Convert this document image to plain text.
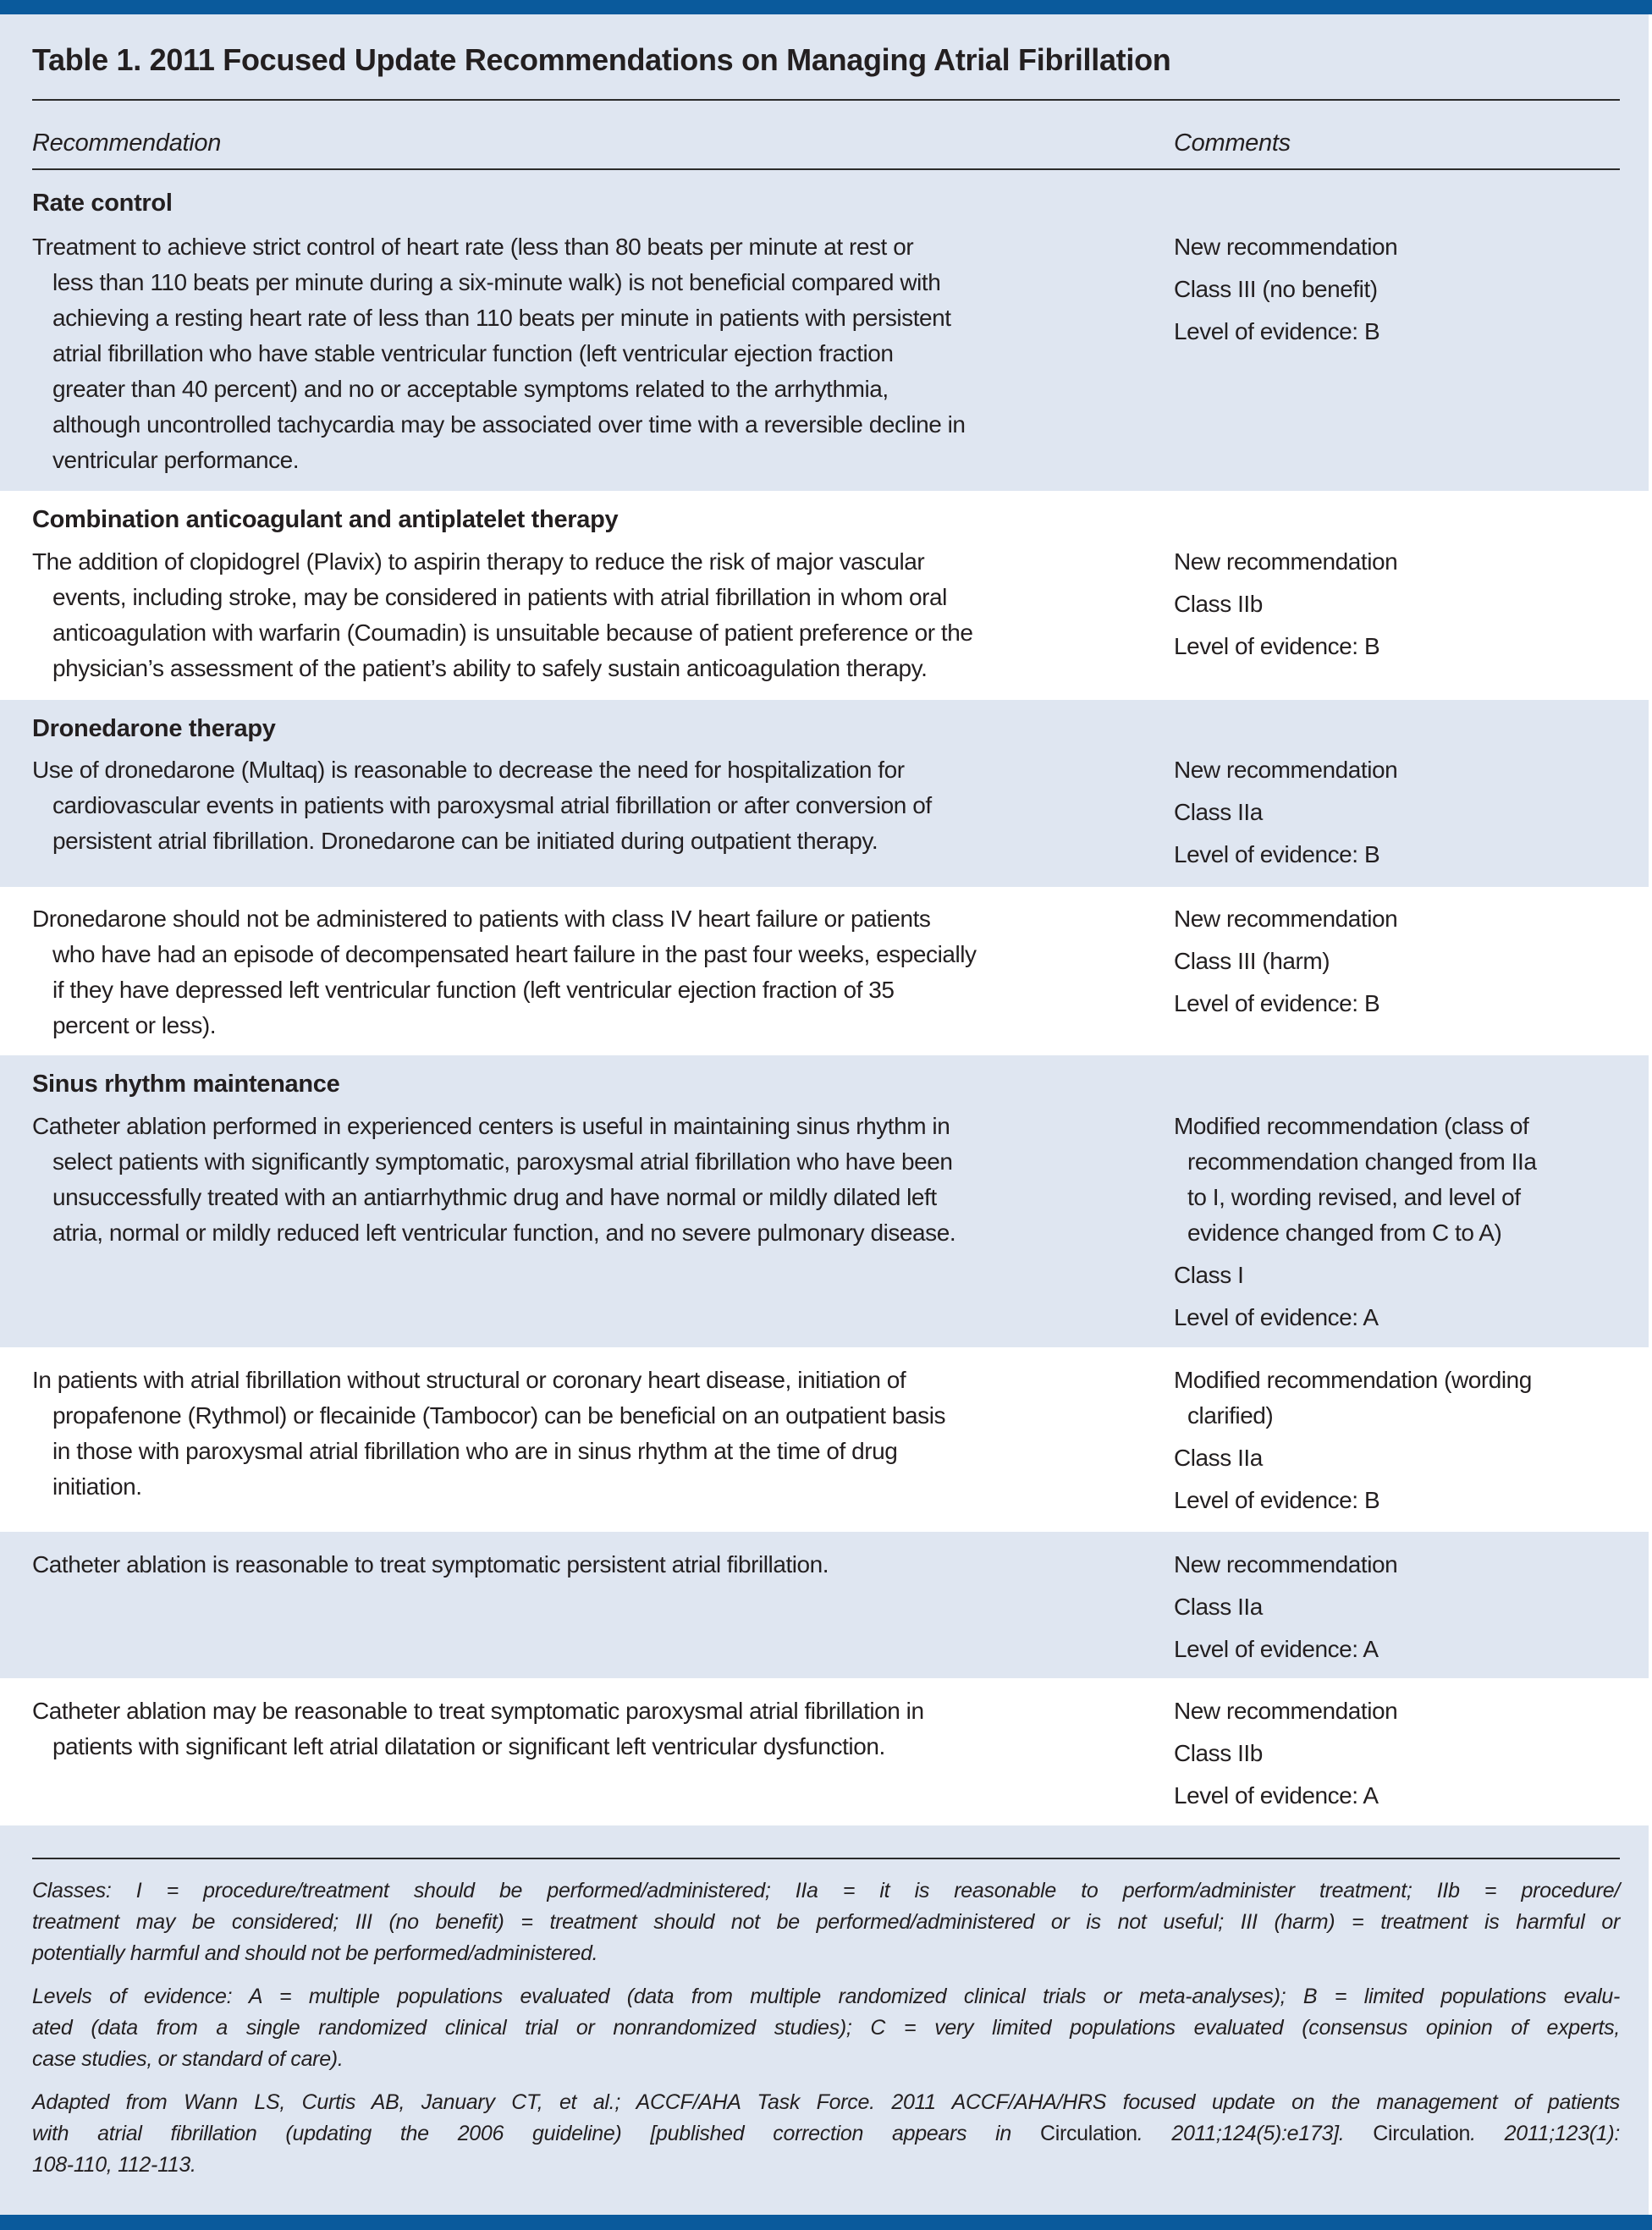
Table 1. 2011 Focused Update Recommendations on Managing Atrial Fibrillation
Recommendation	Comments
Rate control
Combination anticoagulant and antiplatelet therapy
Dronedarone therapy
Sinus rhythm maintenance
Treatment to achieve strict control of heart rate (less than 80 beats per minute at rest or
less than 110 beats per minute during a six-minute walk) is not beneficial compared with
achieving a resting heart rate of less than 110 beats per minute in patients with persistent
atrial fibrillation who have stable ventricular function (left ventricular ejection fraction
greater than 40 percent) and no or acceptable symptoms related to the arrhythmia,
although uncontrolled tachycardia may be associated over time with a reversible decline in
ventricular performance.
New recommendation
Class III (no benefit)
Level of evidence: B
The addition of clopidogrel (Plavix) to aspirin therapy to reduce the risk of major vascular
events, including stroke, may be considered in patients with atrial fibrillation in whom oral
anticoagulation with warfarin (Coumadin) is unsuitable because of patient preference or the
physician’s assessment of the patient’s ability to safely sustain anticoagulation therapy.
New recommendation
Class IIb
Level of evidence: B
Use of dronedarone (Multaq) is reasonable to decrease the need for hospitalization for
cardiovascular events in patients with paroxysmal atrial fibrillation or after conversion of
persistent atrial fibrillation. Dronedarone can be initiated during outpatient therapy.
New recommendation
Class IIa
Level of evidence: B
Dronedarone should not be administered to patients with class IV heart failure or patients
who have had an episode of decompensated heart failure in the past four weeks, especially
if they have depressed left ventricular function (left ventricular ejection fraction of 35
percent or less).
New recommendation
Class III (harm)
Level of evidence: B
Catheter ablation performed in experienced centers is useful in maintaining sinus rhythm in
select patients with significantly symptomatic, paroxysmal atrial fibrillation who have been
unsuccessfully treated with an antiarrhythmic drug and have normal or mildly dilated left
atria, normal or mildly reduced left ventricular function, and no severe pulmonary disease.
Modified recommendation (class of
recommendation changed from IIa
to I, wording revised, and level of
evidence changed from C to A)
Class I
Level of evidence: A
In patients with atrial fibrillation without structural or coronary heart disease, initiation of
propafenone (Rythmol) or flecainide (Tambocor) can be beneficial on an outpatient basis
in those with paroxysmal atrial fibrillation who are in sinus rhythm at the time of drug
initiation.
Modified recommendation (wording
clarified)
Class IIa
Level of evidence: B
Catheter ablation is reasonable to treat symptomatic persistent atrial fibrillation.	New recommendation
Class IIa
Level of evidence: A
Catheter ablation may be reasonable to treat symptomatic paroxysmal atrial fibrillation in
patients with significant left atrial dilatation or significant left ventricular dysfunction.
New recommendation
Class IIb
Level of evidence: A
Classes: I = procedure/treatment should be performed/administered; IIa = it is reasonable to perform/administer treatment; IIb = procedure/
treatment may be considered; III (no benefit) = treatment should not be performed/administered or is not useful; III (harm) = treatment is harmful or
potentially harmful and should not be performed/administered.
Levels of evidence: A = multiple populations evaluated (data from multiple randomized clinical trials or meta-analyses); B = limited populations evalu-
ated (data from a single randomized clinical trial or nonrandomized studies); C = very limited populations evaluated (consensus opinion of experts,
case studies, or standard of care).
Adapted from Wann LS, Curtis AB, January CT, et al.; ACCF/AHA Task Force. 2011 ACCF/AHA/HRS focused update on the management of patients
with atrial fibrillation (updating the 2006 guideline) [published correction appears in Circulation. 2011;124(5):e173]. Circulation. 2011;123(1):
108-110, 112-113.
